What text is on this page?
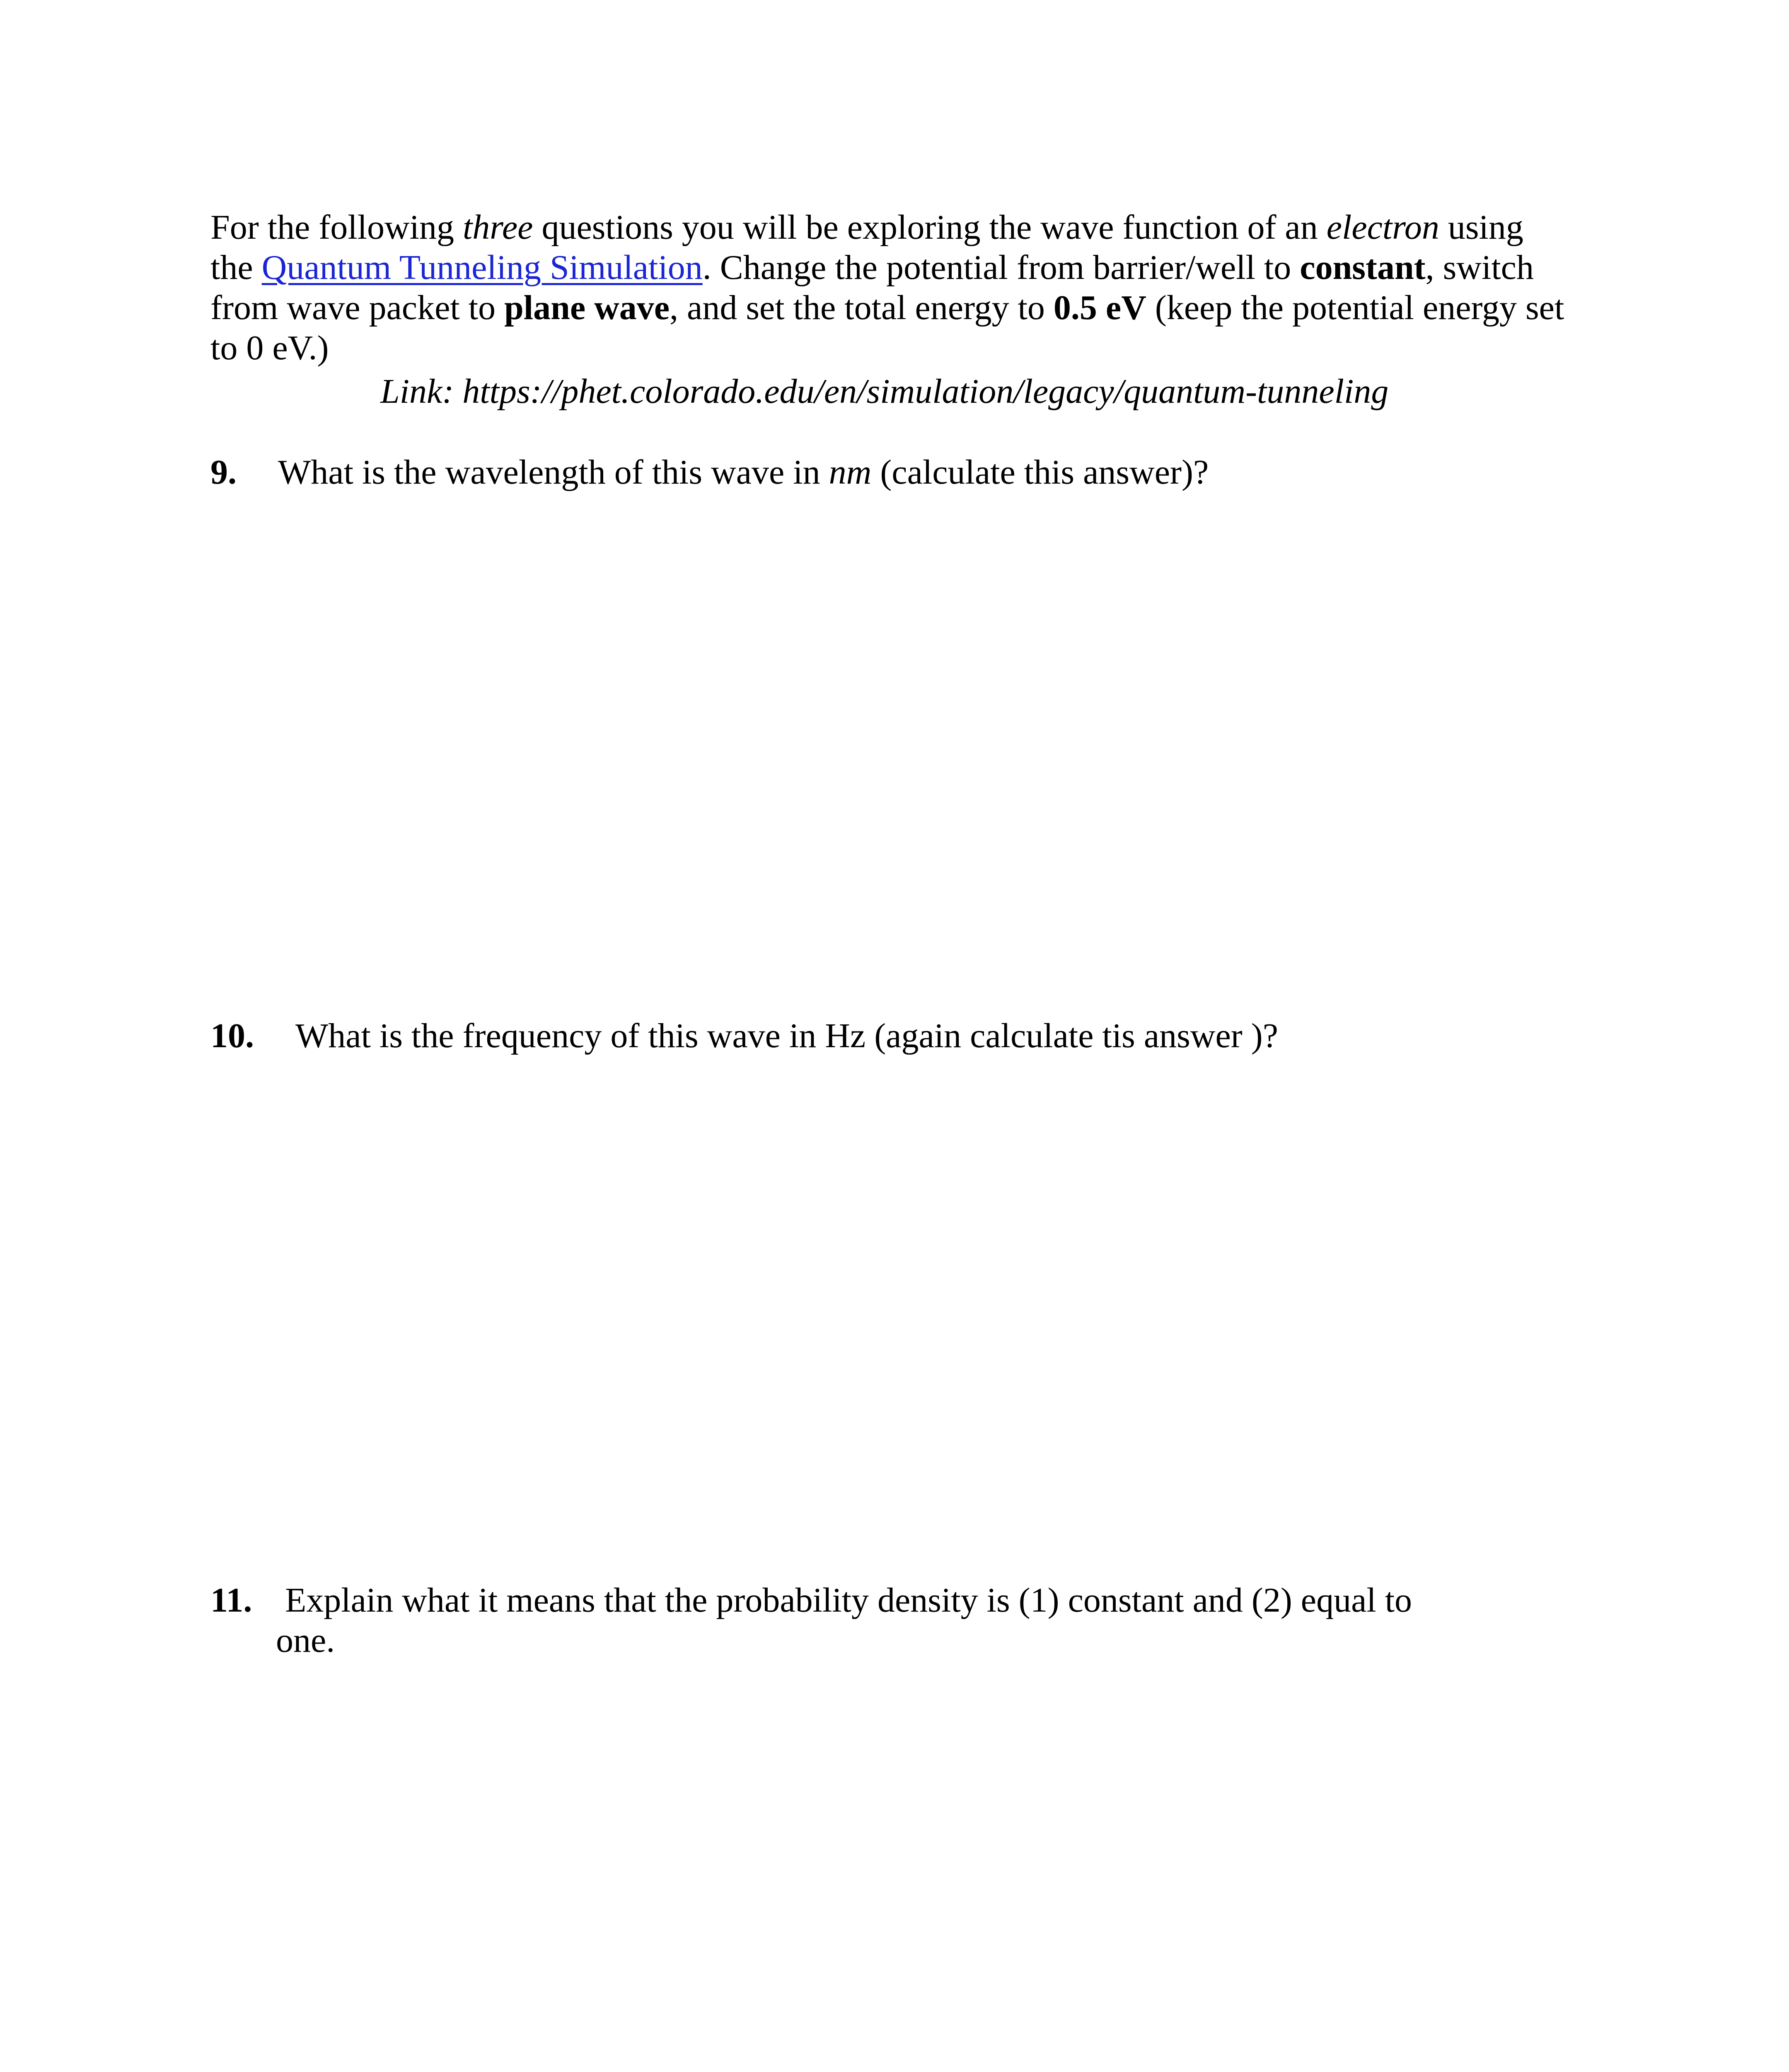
For the following three questions you will be exploring the wave function of an electron using
the Quantum Tunneling Simulation. Change the potential from barrier/well to constant, switch
from wave packet to plane wave, and set the total energy to 0.5 eV (keep the potential energy set
to 0 eV.)
Link: https://phet.colorado.edu/en/simulation/legacy/quantum-tunneling
9. What is the wavelength of this wave in nm (calculate this answer)?
10. What is the frequency of this wave in Hz (again calculate tis answer )?
11. Explain what it means that the probability density is (1) constant and (2) equal to
one.
